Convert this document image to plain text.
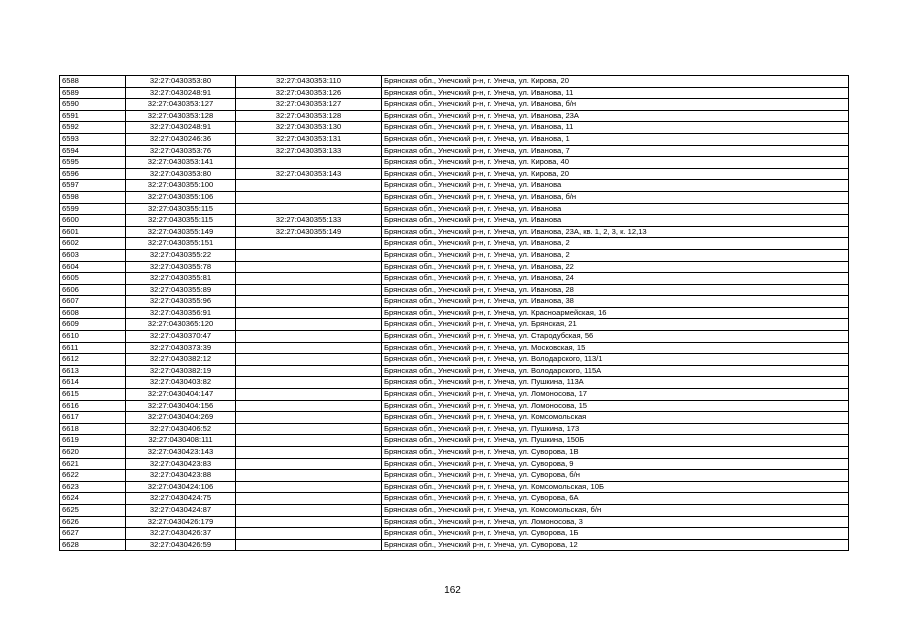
6588	32:27:0430353:80	32:27:0430353:110	Брянская обл., Унечский р-н, г. Унеча, ул. Кирова, 20
6589	32:27:0430248:91	32:27:0430353:126	Брянская обл., Унечский р-н, г. Унеча, ул. Иванова, 11
6590	32:27:0430353:127	32:27:0430353:127	Брянская обл., Унечский р-н, г. Унеча, ул. Иванова, б/н
6591	32:27:0430353:128	32:27:0430353:128	Брянская обл., Унечский р-н, г. Унеча, ул. Иванова, 23А
6592	32:27:0430248:91	32:27:0430353:130	Брянская обл., Унечский р-н, г. Унеча, ул. Иванова, 11
6593	32:27:0430246:36	32:27:0430353:131	Брянская обл., Унечский р-н, г. Унеча, ул. Иванова, 1
6594	32:27:0430353:76	32:27:0430353:133	Брянская обл., Унечский р-н, г. Унеча, ул. Иванова, 7
6595	32:27:0430353:141		Брянская обл., Унечский р-н, г. Унеча, ул. Кирова, 40
6596	32:27:0430353:80	32:27:0430353:143	Брянская обл., Унечский р-н, г. Унеча, ул. Кирова, 20
6597	32:27:0430355:100		Брянская обл., Унечский р-н, г. Унеча, ул. Иванова
6598	32:27:0430355:106		Брянская обл., Унечский р-н, г. Унеча, ул. Иванова, б/н
6599	32:27:0430355:115		Брянская обл., Унечский р-н, г. Унеча, ул. Иванова
6600	32:27:0430355:115	32:27:0430355:133	Брянская обл., Унечский р-н, г. Унеча, ул. Иванова
6601	32:27:0430355:149	32:27:0430355:149	Брянская обл., Унечский р-н, г. Унеча, ул. Иванова, 23А, кв. 1, 2, 3, к. 12,13
6602	32:27:0430355:151		Брянская обл., Унечский р-н, г. Унеча, ул. Иванова, 2
6603	32:27:0430355:22		Брянская обл., Унечский р-н, г. Унеча, ул. Иванова, 2
6604	32:27:0430355:78		Брянская обл., Унечский р-н, г. Унеча, ул. Иванова, 22
6605	32:27:0430355:81		Брянская обл., Унечский р-н, г. Унеча, ул. Иванова, 24
6606	32:27:0430355:89		Брянская обл., Унечский р-н, г. Унеча, ул. Иванова, 28
6607	32:27:0430355:96		Брянская обл., Унечский р-н, г. Унеча, ул. Иванова, 38
6608	32:27:0430356:91		Брянская обл., Унечский р-н, г. Унеча, ул. Красноармейская, 16
6609	32:27:0430365:120		Брянская обл., Унечский р-н, г. Унеча, ул. Брянская, 21
6610	32:27:0430370:47		Брянская обл., Унечский р-н, г. Унеча, ул. Стародубская, 56
6611	32:27:0430373:39		Брянская обл., Унечский р-н, г. Унеча, ул. Московская, 15
6612	32:27:0430382:12		Брянская обл., Унечский р-н, г. Унеча, ул. Володарского, 113/1
6613	32:27:0430382:19		Брянская обл., Унечский р-н, г. Унеча, ул. Володарского, 115А
6614	32:27:0430403:82		Брянская обл., Унечский р-н, г. Унеча, ул. Пушкина, 113А
6615	32:27:0430404:147		Брянская обл., Унечский р-н, г. Унеча, ул. Ломоносова, 17
6616	32:27:0430404:156		Брянская обл., Унечский р-н, г. Унеча, ул. Ломоносова, 15
6617	32:27:0430404:269		Брянская обл., Унечский р-н, г. Унеча, ул. Комсомольская
6618	32:27:0430406:52		Брянская обл., Унечский р-н, г. Унеча, ул. Пушкина, 173
6619	32:27:0430408:111		Брянская обл., Унечский р-н, г. Унеча, ул. Пушкина, 150Б
6620	32:27:0430423:143		Брянская обл., Унечский р-н, г. Унеча, ул. Суворова, 1В
6621	32:27:0430423:83		Брянская обл., Унечский р-н, г. Унеча, ул. Суворова, 9
6622	32:27:0430423:88		Брянская обл., Унечский р-н, г. Унеча, ул. Суворова, б/н
6623	32:27:0430424:106		Брянская обл., Унечский р-н, г. Унеча, ул. Комсомольская, 10Б
6624	32:27:0430424:75		Брянская обл., Унечский р-н, г. Унеча, ул. Суворова, 6А
6625	32:27:0430424:87		Брянская обл., Унечский р-н, г. Унеча, ул. Комсомольская, б/н
6626	32:27:0430426:179		Брянская обл., Унечский р-н, г. Унеча, ул. Ломоносова, 3
6627	32:27:0430426:37		Брянская обл., Унечский р-н, г. Унеча, ул. Суворова, 1Б
6628	32:27:0430426:59		Брянская обл., Унечский р-н, г. Унеча, ул. Суворова, 12
162
